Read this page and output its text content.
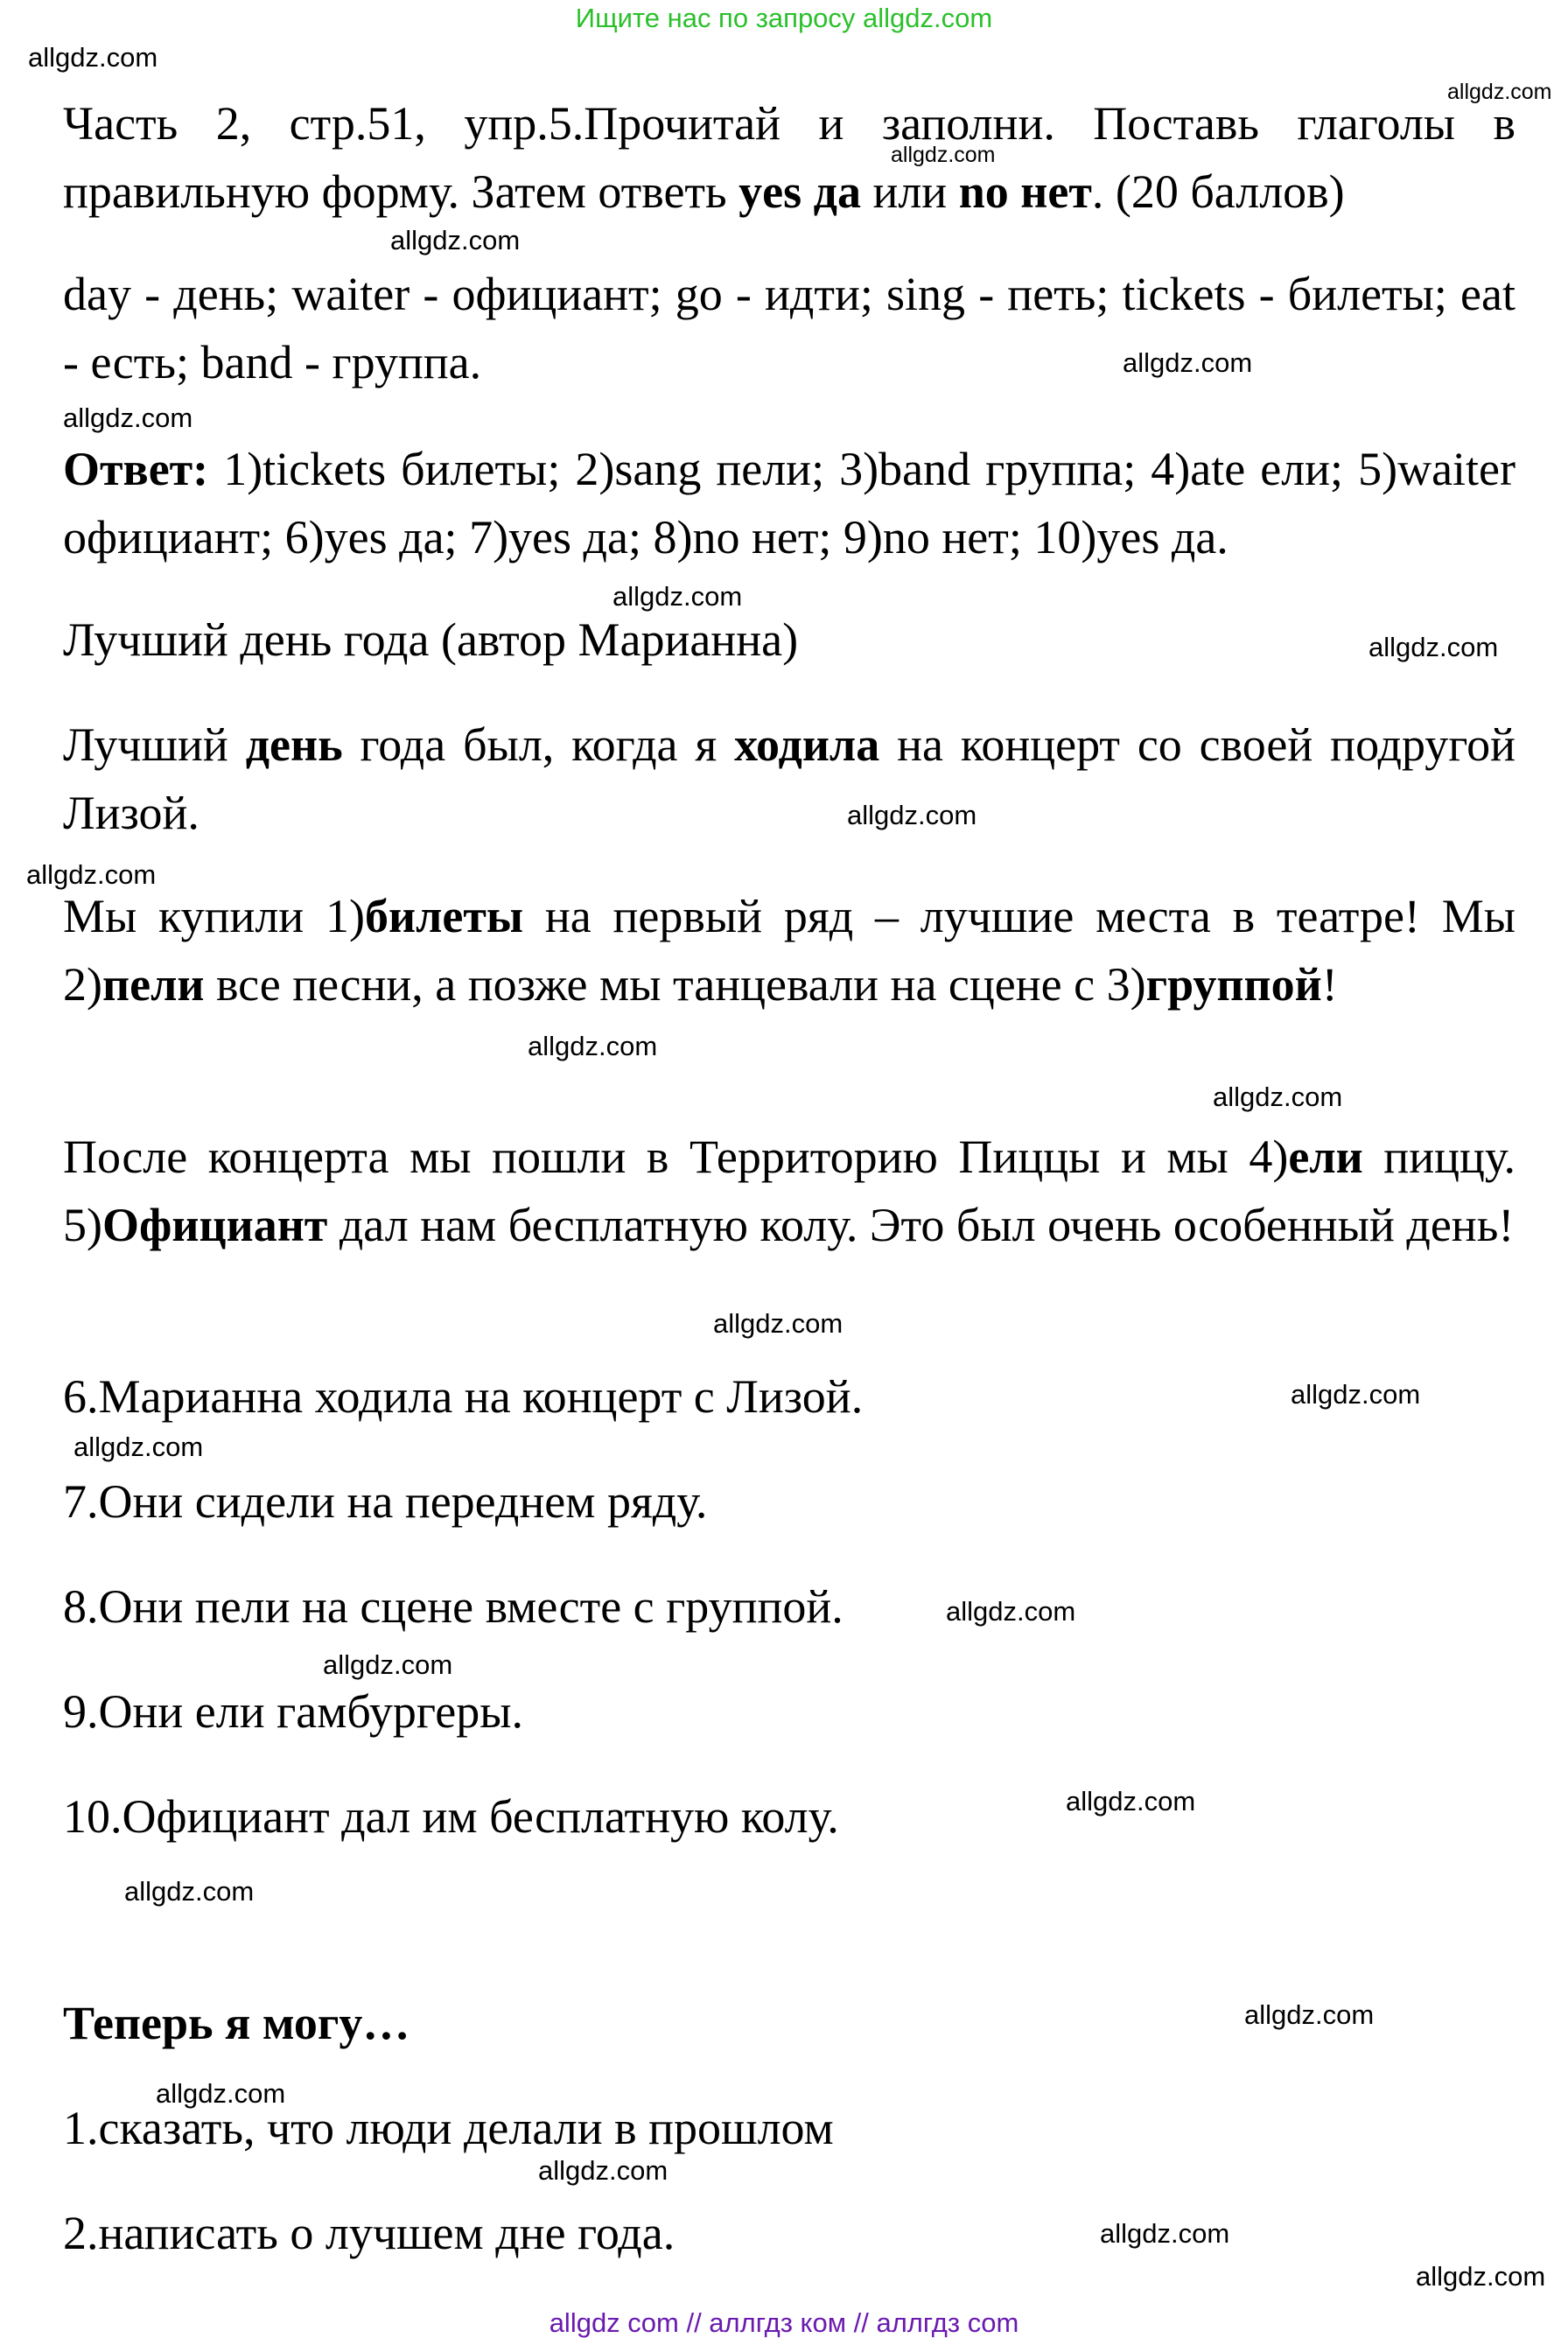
Ищите нас по запросу allgdz.com
allgdz.com
allgdz.com
allgdz.com
allgdz.com
allgdz.com
allgdz.com
allgdz.com
allgdz.com
allgdz.com
allgdz.com
allgdz.com
allgdz.com
allgdz.com
allgdz.com
allgdz.com
allgdz.com
allgdz.com
allgdz.com
allgdz.com
allgdz.com
allgdz.com
allgdz.com
allgdz.com
allgdz.com
Часть 2, стр.51, упр.5.Прочитай и заполни. Поставь глаголы в правильную форму. Затем ответь yes да или no нет. (20 баллов)
day - день; waiter - официант; go - идти; sing - петь; tickets - билеты; eat - есть; band - группа.
Ответ: 1)tickets билеты; 2)sang пели; 3)band группа; 4)ate ели; 5)waiter официант; 6)yes да; 7)yes да; 8)no нет; 9)no нет; 10)yes да.
Лучший день года (автор Марианна)
Лучший день года был, когда я ходила на концерт со своей подругой Лизой.
Мы купили 1)билеты на первый ряд – лучшие места в театре! Мы 2)пели все песни, а позже мы танцевали на сцене с 3)группой!
После концерта мы пошли в Территорию Пиццы и мы 4)ели пиццу. 5)Официант дал нам бесплатную колу. Это был очень особенный день!
6.Марианна ходила на концерт с Лизой.
7.Они сидели на переднем ряду.
8.Они пели на сцене вместе с группой.
9.Они ели гамбургеры.
10.Официант дал им бесплатную колу.
Теперь я могу…
1.сказать, что люди делали в прошлом
2.написать о лучшем дне года.
allgdz com // аллгдз ком // аллгдз com
